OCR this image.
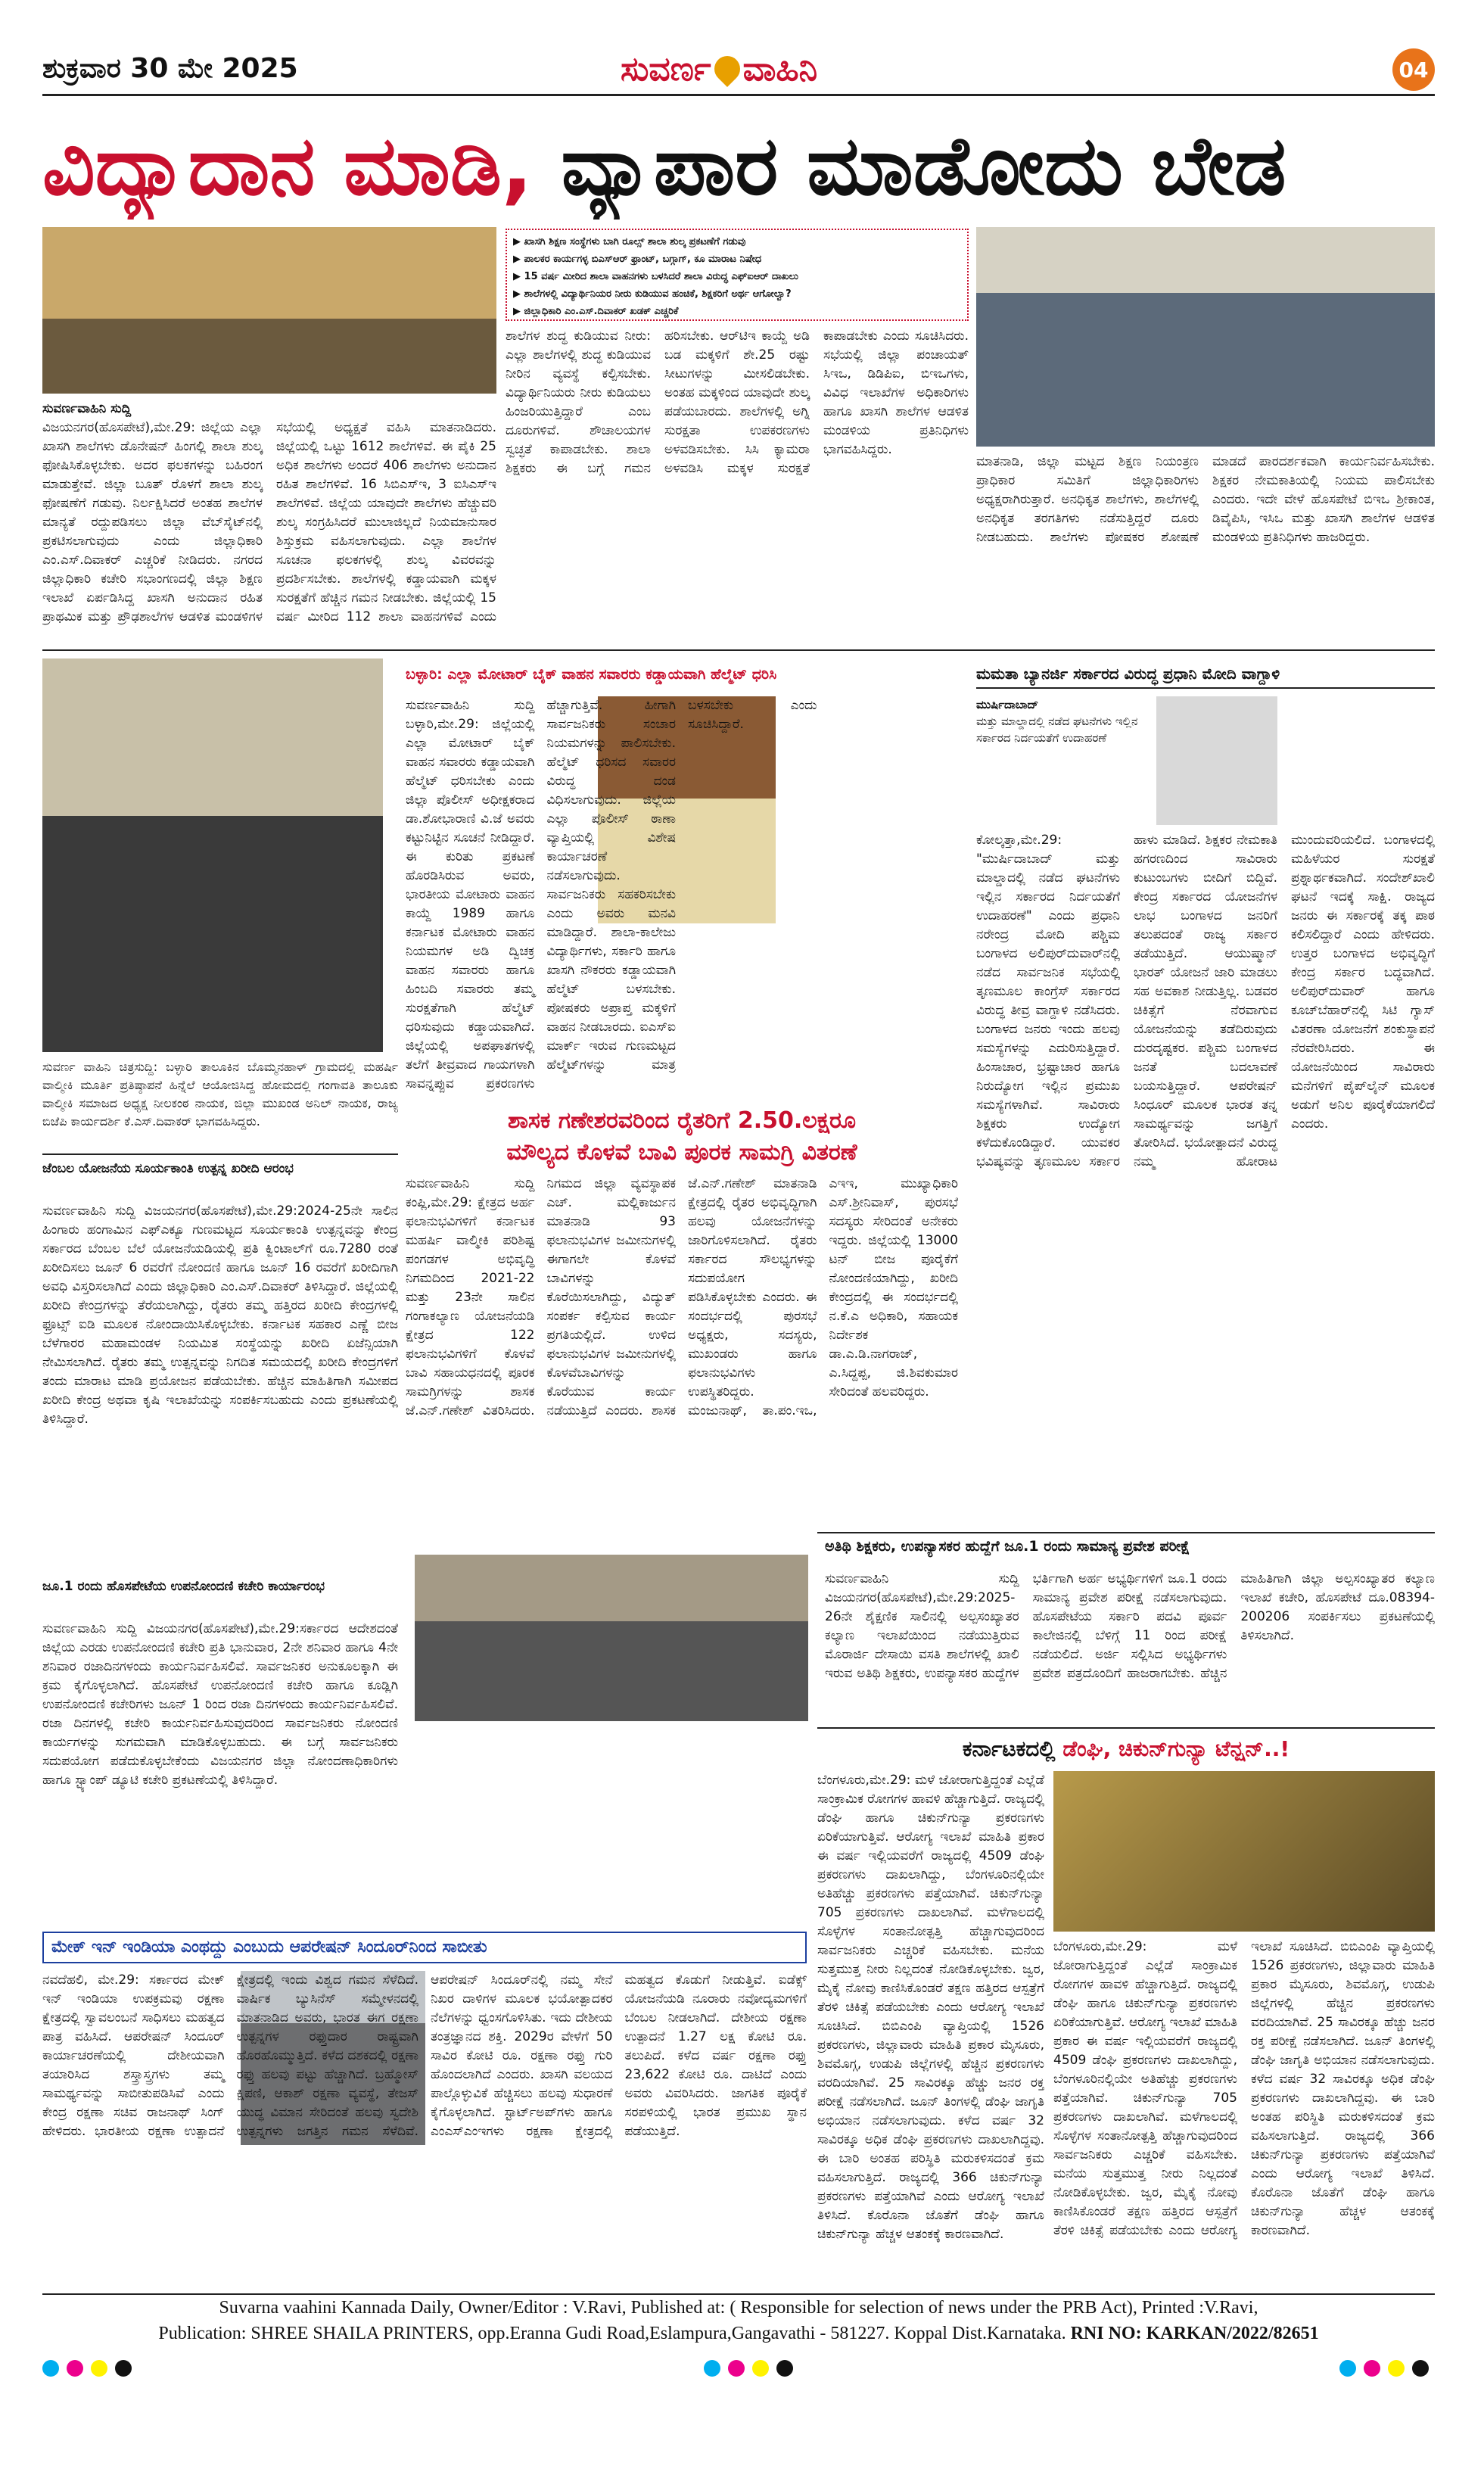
ಶುಕ್ರವಾರ 30 ಮೇ 2025	ಸುವರ್ಣ ವಾಹಿನಿ	04
ವಿದ್ಯಾದಾನ ಮಾಡಿ, ವ್ಯಾಪಾರ ಮಾಡೋದು ಬೇಡ
▶ ಖಾಸಗಿ ಶಿಕ್ಷಣ ಸಂಸ್ಥೆಗಳು ಬಾಗಿ ರೂಲ್ಸ್ ಶಾಲಾ ಶುಲ್ಕ ಪ್ರಕಟಣೆಗೆ ಗಡುವು
▶ ಪಾಲಕರ ಕಾರ್ಯಗಳ್ಳ ಬಿಎಸ್ಆರ್ ಫ್ರಾಂಟ್, ಬಗ್ಗಾಗ್, ಕೂ ಮಾರಾಟ ನಿಷೇಧ
▶ 15 ವರ್ಷ ಮೀರಿದ ಶಾಲಾ ವಾಹನಗಳು ಬಳಸಿದರೆ ಶಾಲಾ ವಿರುದ್ಧ ಎಫ್‌ಐಆರ್ ದಾಖಲು
▶ ಶಾಲೆಗಳಲ್ಲಿ ವಿದ್ಯಾರ್ಥಿನಿಯರ ನೀರು ಕುಡಿಯುವ ಹಂಚಿಕೆ, ಶಿಕ್ಷಕರಿಗೆ ಅರ್ಥ ಆಗೋಲ್ವಾ?
▶ ಜಿಲ್ಲಾಧಿಕಾರಿ ಎಂ.ಎಸ್.ದಿವಾಕರ್ ಖಡಕ್ ಎಚ್ಚರಿಕೆ
ಸುವರ್ಣವಾಹಿನಿ ಸುದ್ದಿ
ವಿಜಯನಗರ(ಹೊಸಪೇಟೆ),ಮೇ.29: ಜಿಲ್ಲೆಯ ಎಲ್ಲಾ ಖಾಸಗಿ ಶಾಲೆಗಳು ಡೊನೇಷನ್ ಹಿಂಗಲ್ಲಿ ಶಾಲಾ ಶುಲ್ಕ ಫೋಷಿಸಿಕೊಳ್ಳಬೇಕು. ಅದರ ಫಲಕಗಳನ್ನು ಬಹಿರಂಗ ಮಾಡುತ್ತೇವೆ. ಜಿಲ್ಲಾ ಬೂತ್ ರೊಳಗೆ ಶಾಲಾ ಶುಲ್ಕ ಫೋಷಣೆಗೆ ಗಡುವು. ನಿರ್ಲಕ್ಷಿಸಿದರೆ ಅಂತಹ ಶಾಲೆಗಳ ಮಾನ್ಯತೆ ರದ್ದುಪಡಿಸಲು ಜಿಲ್ಲಾ ವೆಬ್‌ಸೈಟ್‌ನಲ್ಲಿ ಪ್ರಕಟಿಸಲಾಗುವುದು ಎಂದು ಜಿಲ್ಲಾಧಿಕಾರಿ ಎಂ.ಎಸ್.ದಿವಾಕರ್ ಎಚ್ಚರಿಕೆ ನೀಡಿದರು. ನಗರದ ಜಿಲ್ಲಾಧಿಕಾರಿ ಕಚೇರಿ ಸಭಾಂಗಣದಲ್ಲಿ ಜಿಲ್ಲಾ ಶಿಕ್ಷಣ ಇಲಾಖೆ ಏರ್ಪಡಿಸಿದ್ದ ಖಾಸಗಿ ಅನುದಾನ ರಹಿತ ಪ್ರಾಥಮಿಕ ಮತ್ತು ಪ್ರೌಢಶಾಲೆಗಳ ಆಡಳಿತ ಮಂಡಳಿಗಳ ಸಭೆಯಲ್ಲಿ ಅಧ್ಯಕ್ಷತೆ ವಹಿಸಿ ಮಾತನಾಡಿದರು. ಜಿಲ್ಲೆಯಲ್ಲಿ ಒಟ್ಟು 1612 ಶಾಲೆಗಳಿವೆ. ಈ ಪೈಕಿ 25 ಅಧಿಕ ಶಾಲೆಗಳು ಅಂದರೆ 406 ಶಾಲೆಗಳು ಅನುದಾನ ರಹಿತ ಶಾಲೆಗಳಿವೆ. 16 ಸಿಬಿಎಸ್‌ಇ, 3 ಐಸಿಎಸ್‌ಇ ಶಾಲೆಗಳಿವೆ. ಜಿಲ್ಲೆಯ ಯಾವುದೇ ಶಾಲೆಗಳು ಹೆಚ್ಚುವರಿ ಶುಲ್ಕ ಸಂಗ್ರಹಿಸಿದರೆ ಮುಲಾಜಿಲ್ಲದೆ ನಿಯಮಾನುಸಾರ ಶಿಸ್ತುಕ್ರಮ ವಹಿಸಲಾಗುವುದು. ಎಲ್ಲಾ ಶಾಲೆಗಳ ಸೂಚನಾ ಫಲಕಗಳಲ್ಲಿ ಶುಲ್ಕ ವಿವರವನ್ನು ಪ್ರದರ್ಶಿಸಬೇಕು. ಶಾಲೆಗಳಲ್ಲಿ ಕಡ್ಡಾಯವಾಗಿ ಮಕ್ಕಳ ಸುರಕ್ಷತೆಗೆ ಹೆಚ್ಚಿನ ಗಮನ ನೀಡಬೇಕು. ಜಿಲ್ಲೆಯಲ್ಲಿ 15 ವರ್ಷ ಮೀರಿದ 112 ಶಾಲಾ ವಾಹನಗಳಿವೆ ಎಂದು
ಶಾಲೆಗಳ ಶುದ್ಧ ಕುಡಿಯುವ ನೀರು: ಎಲ್ಲಾ ಶಾಲೆಗಳಲ್ಲಿ ಶುದ್ಧ ಕುಡಿಯುವ ನೀರಿನ ವ್ಯವಸ್ಥೆ ಕಲ್ಪಿಸಬೇಕು. ವಿದ್ಯಾರ್ಥಿನಿಯರು ನೀರು ಕುಡಿಯಲು ಹಿಂಜರಿಯುತ್ತಿದ್ದಾರೆ ಎಂಬ ದೂರುಗಳಿವೆ. ಶೌಚಾಲಯಗಳ ಸ್ವಚ್ಛತೆ ಕಾಪಾಡಬೇಕು. ಶಾಲಾ ಶಿಕ್ಷಕರು ಈ ಬಗ್ಗೆ ಗಮನ ಹರಿಸಬೇಕು. ಆರ್‌ಟಿಇ ಕಾಯ್ದೆ ಅಡಿ ಬಡ ಮಕ್ಕಳಿಗೆ ಶೇ.25 ರಷ್ಟು ಸೀಟುಗಳನ್ನು ಮೀಸಲಿಡಬೇಕು. ಅಂತಹ ಮಕ್ಕಳಿಂದ ಯಾವುದೇ ಶುಲ್ಕ ಪಡೆಯಬಾರದು. ಶಾಲೆಗಳಲ್ಲಿ ಅಗ್ನಿ ಸುರಕ್ಷತಾ ಉಪಕರಣಗಳು ಅಳವಡಿಸಬೇಕು. ಸಿಸಿ ಕ್ಯಾಮರಾ ಅಳವಡಿಸಿ ಮಕ್ಕಳ ಸುರಕ್ಷತೆ ಕಾಪಾಡಬೇಕು ಎಂದು ಸೂಚಿಸಿದರು. ಸಭೆಯಲ್ಲಿ ಜಿಲ್ಲಾ ಪಂಚಾಯತ್ ಸಿಇಒ, ಡಿಡಿಪಿಐ, ಬಿಇಒಗಳು, ವಿವಿಧ ಇಲಾಖೆಗಳ ಅಧಿಕಾರಿಗಳು ಹಾಗೂ ಖಾಸಗಿ ಶಾಲೆಗಳ ಆಡಳಿತ ಮಂಡಳಿಯ ಪ್ರತಿನಿಧಿಗಳು ಭಾಗವಹಿಸಿದ್ದರು.
ಮಾತನಾಡಿ, ಜಿಲ್ಲಾ ಮಟ್ಟದ ಶಿಕ್ಷಣ ನಿಯಂತ್ರಣ ಪ್ರಾಧಿಕಾರ ಸಮಿತಿಗೆ ಜಿಲ್ಲಾಧಿಕಾರಿಗಳು ಅಧ್ಯಕ್ಷರಾಗಿರುತ್ತಾರೆ. ಅನಧಿಕೃತ ಶಾಲೆಗಳು, ಶಾಲೆಗಳಲ್ಲಿ ಅನಧಿಕೃತ ತರಗತಿಗಳು ನಡೆಸುತ್ತಿದ್ದರೆ ದೂರು ನೀಡಬಹುದು. ಶಾಲೆಗಳು ಪೋಷಕರ ಶೋಷಣೆ ಮಾಡದೆ ಪಾರದರ್ಶಕವಾಗಿ ಕಾರ್ಯನಿರ್ವಹಿಸಬೇಕು. ಶಿಕ್ಷಕರ ನೇಮಕಾತಿಯಲ್ಲಿ ನಿಯಮ ಪಾಲಿಸಬೇಕು ಎಂದರು. ಇದೇ ವೇಳೆ ಹೊಸಪೇಟೆ ಬಿಇಒ ಶ್ರೀಕಾಂತ, ಡಿವೈಪಿಸಿ, ಇಸಿಒ ಮತ್ತು ಖಾಸಗಿ ಶಾಲೆಗಳ ಆಡಳಿತ ಮಂಡಳಿಯ ಪ್ರತಿನಿಧಿಗಳು ಹಾಜರಿದ್ದರು.
ಸುವರ್ಣ ವಾಹಿನಿ ಚಿತ್ರಸುದ್ದಿ: ಬಳ್ಳಾರಿ ತಾಲೂಕಿನ ಬೊಮ್ಮನಹಾಳ್ ಗ್ರಾಮದಲ್ಲಿ ಮಹರ್ಷಿ ವಾಲ್ಮೀಕಿ ಮೂರ್ತಿ ಪ್ರತಿಷ್ಠಾಪನೆ ಹಿನ್ನೆಲೆ ಆಯೋಜಿಸಿದ್ದ ಹೋಮದಲ್ಲಿ ಗಂಗಾವತಿ ತಾಲೂಕು ವಾಲ್ಮೀಕಿ ಸಮಾಜದ ಅಧ್ಯಕ್ಷ ನೀಲಕಂಠ ನಾಯಕ, ಜಿಲ್ಲಾ ಮುಖಂಡ ಅನಿಲ್ ನಾಯಕ, ರಾಜ್ಯ ಬಿಜೆಪಿ ಕಾರ್ಯದರ್ಶಿ ಕೆ.ಎಸ್.ದಿವಾಕರ್ ಭಾಗವಹಿಸಿದ್ದರು.
ಜೆಂಬಲ ಯೋಜನೆಯ ಸೂರ್ಯಕಾಂತಿ ಉತ್ಪನ್ನ ಖರೀದಿ ಆರಂಭ
ಸುವರ್ಣವಾಹಿನಿ ಸುದ್ದಿ ವಿಜಯನಗರ(ಹೊಸಪೇಟೆ),ಮೇ.29:2024-25ನೇ ಸಾಲಿನ ಹಿಂಗಾರು ಹಂಗಾಮಿನ ಎಫ್‌ಎಕ್ಯೂ ಗುಣಮಟ್ಟದ ಸೂರ್ಯಕಾಂತಿ ಉತ್ಪನ್ನವನ್ನು ಕೇಂದ್ರ ಸರ್ಕಾರದ ಬೆಂಬಲ ಬೆಲೆ ಯೋಜನೆಯಡಿಯಲ್ಲಿ ಪ್ರತಿ ಕ್ವಿಂಟಾಲ್‌ಗೆ ರೂ.7280 ರಂತೆ ಖರೀದಿಸಲು ಜೂನ್ 6 ರವರೆಗೆ ನೋಂದಣಿ ಹಾಗೂ ಜೂನ್ 16 ರವರೆಗೆ ಖರೀದಿಗಾಗಿ ಅವಧಿ ವಿಸ್ತರಿಸಲಾಗಿದೆ ಎಂದು ಜಿಲ್ಲಾಧಿಕಾರಿ ಎಂ.ಎಸ್.ದಿವಾಕರ್ ತಿಳಿಸಿದ್ದಾರೆ. ಜಿಲ್ಲೆಯಲ್ಲಿ ಖರೀದಿ ಕೇಂದ್ರಗಳನ್ನು ತೆರೆಯಲಾಗಿದ್ದು, ರೈತರು ತಮ್ಮ ಹತ್ತಿರದ ಖರೀದಿ ಕೇಂದ್ರಗಳಲ್ಲಿ ಫ್ರೂಟ್ಸ್ ಐಡಿ ಮೂಲಕ ನೋಂದಾಯಿಸಿಕೊಳ್ಳಬೇಕು. ಕರ್ನಾಟಕ ಸಹಕಾರ ಎಣ್ಣೆ ಬೀಜ ಬೆಳೆಗಾರರ ಮಹಾಮಂಡಳ ನಿಯಮಿತ ಸಂಸ್ಥೆಯನ್ನು ಖರೀದಿ ಏಜೆನ್ಸಿಯಾಗಿ ನೇಮಿಸಲಾಗಿದೆ. ರೈತರು ತಮ್ಮ ಉತ್ಪನ್ನವನ್ನು ನಿಗದಿತ ಸಮಯದಲ್ಲಿ ಖರೀದಿ ಕೇಂದ್ರಗಳಿಗೆ ತಂದು ಮಾರಾಟ ಮಾಡಿ ಪ್ರಯೋಜನ ಪಡೆಯಬೇಕು. ಹೆಚ್ಚಿನ ಮಾಹಿತಿಗಾಗಿ ಸಮೀಪದ ಖರೀದಿ ಕೇಂದ್ರ ಅಥವಾ ಕೃಷಿ ಇಲಾಖೆಯನ್ನು ಸಂಪರ್ಕಿಸಬಹುದು ಎಂದು ಪ್ರಕಟಣೆಯಲ್ಲಿ ತಿಳಿಸಿದ್ದಾರೆ.
ಜೂ.1 ರಂದು ಹೊಸಪೇಟೆಯ ಉಪನೋಂದಣಿ ಕಚೇರಿ ಕಾರ್ಯಾರಂಭ
ಸುವರ್ಣವಾಹಿನಿ ಸುದ್ದಿ ವಿಜಯನಗರ(ಹೊಸಪೇಟೆ),ಮೇ.29:ಸರ್ಕಾರದ ಆದೇಶದಂತೆ ಜಿಲ್ಲೆಯ ಎರಡು ಉಪನೋಂದಣಿ ಕಚೇರಿ ಪ್ರತಿ ಭಾನುವಾರ, 2ನೇ ಶನಿವಾರ ಹಾಗೂ 4ನೇ ಶನಿವಾರ ರಜಾದಿನಗಳಂದು ಕಾರ್ಯನಿರ್ವಹಿಸಲಿವೆ. ಸಾರ್ವಜನಿಕರ ಅನುಕೂಲಕ್ಕಾಗಿ ಈ ಕ್ರಮ ಕೈಗೊಳ್ಳಲಾಗಿದೆ. ಹೊಸಪೇಟೆ ಉಪನೋಂದಣಿ ಕಚೇರಿ ಹಾಗೂ ಕೂಡ್ಲಿಗಿ ಉಪನೋಂದಣಿ ಕಚೇರಿಗಳು ಜೂನ್ 1 ರಿಂದ ರಜಾ ದಿನಗಳಂದು ಕಾರ್ಯನಿರ್ವಹಿಸಲಿವೆ. ರಜಾ ದಿನಗಳಲ್ಲಿ ಕಚೇರಿ ಕಾರ್ಯನಿರ್ವಹಿಸುವುದರಿಂದ ಸಾರ್ವಜನಿಕರು ನೋಂದಣಿ ಕಾರ್ಯಗಳನ್ನು ಸುಗಮವಾಗಿ ಮಾಡಿಕೊಳ್ಳಬಹುದು. ಈ ಬಗ್ಗೆ ಸಾರ್ವಜನಿಕರು ಸದುಪಯೋಗ ಪಡೆದುಕೊಳ್ಳಬೇಕೆಂದು ವಿಜಯನಗರ ಜಿಲ್ಲಾ ನೋಂದಣಾಧಿಕಾರಿಗಳು ಹಾಗೂ ಸ್ಟ್ಯಾಂಪ್ ಡ್ಯೂಟಿ ಕಚೇರಿ ಪ್ರಕಟಣೆಯಲ್ಲಿ ತಿಳಿಸಿದ್ದಾರೆ.
ಬಳ್ಳಾರಿ: ಎಲ್ಲಾ ಮೋಟಾರ್ ಬೈಕ್ ವಾಹನ ಸವಾರರು ಕಡ್ಡಾಯವಾಗಿ ಹೆಲ್ಮೆಟ್ ಧರಿಸಿ
ಸುವರ್ಣವಾಹಿನಿ ಸುದ್ದಿ ಬಳ್ಳಾರಿ,ಮೇ.29: ಜಿಲ್ಲೆಯಲ್ಲಿ ಎಲ್ಲಾ ಮೋಟಾರ್ ಬೈಕ್ ವಾಹನ ಸವಾರರು ಕಡ್ಡಾಯವಾಗಿ ಹೆಲ್ಮೆಟ್ ಧರಿಸಬೇಕು ಎಂದು ಜಿಲ್ಲಾ ಪೊಲೀಸ್ ಅಧೀಕ್ಷಕರಾದ ಡಾ.ಶೋಭಾರಾಣಿ ವಿ.ಜೆ ಅವರು ಕಟ್ಟುನಿಟ್ಟಿನ ಸೂಚನೆ ನೀಡಿದ್ದಾರೆ. ಈ ಕುರಿತು ಪ್ರಕಟಣೆ ಹೊರಡಿಸಿರುವ ಅವರು, ಭಾರತೀಯ ಮೋಟಾರು ವಾಹನ ಕಾಯ್ದೆ 1989 ಹಾಗೂ ಕರ್ನಾಟಕ ಮೋಟಾರು ವಾಹನ ನಿಯಮಗಳ ಅಡಿ ದ್ವಿಚಕ್ರ ವಾಹನ ಸವಾರರು ಹಾಗೂ ಹಿಂಬದಿ ಸವಾರರು ತಮ್ಮ ಸುರಕ್ಷತೆಗಾಗಿ ಹೆಲ್ಮೆಟ್ ಧರಿಸುವುದು ಕಡ್ಡಾಯವಾಗಿದೆ. ಜಿಲ್ಲೆಯಲ್ಲಿ ಅಪಘಾತಗಳಲ್ಲಿ ತಲೆಗೆ ತೀವ್ರವಾದ ಗಾಯಗಳಾಗಿ ಸಾವನ್ನಪ್ಪುವ ಪ್ರಕರಣಗಳು ಹೆಚ್ಚಾಗುತ್ತಿವೆ. ಹೀಗಾಗಿ ಸಾರ್ವಜನಿಕರು ಸಂಚಾರ ನಿಯಮಗಳನ್ನು ಪಾಲಿಸಬೇಕು. ಹೆಲ್ಮೆಟ್ ಧರಿಸದ ಸವಾರರ ವಿರುದ್ಧ ದಂಡ ವಿಧಿಸಲಾಗುವುದು. ಜಿಲ್ಲೆಯ ಎಲ್ಲಾ ಪೊಲೀಸ್ ಠಾಣಾ ವ್ಯಾಪ್ತಿಯಲ್ಲಿ ವಿಶೇಷ ಕಾರ್ಯಾಚರಣೆ ನಡೆಸಲಾಗುವುದು. ಸಾರ್ವಜನಿಕರು ಸಹಕರಿಸಬೇಕು ಎಂದು ಅವರು ಮನವಿ ಮಾಡಿದ್ದಾರೆ. ಶಾಲಾ-ಕಾಲೇಜು ವಿದ್ಯಾರ್ಥಿಗಳು, ಸರ್ಕಾರಿ ಹಾಗೂ ಖಾಸಗಿ ನೌಕರರು ಕಡ್ಡಾಯವಾಗಿ ಹೆಲ್ಮೆಟ್ ಬಳಸಬೇಕು. ಪೋಷಕರು ಅಪ್ರಾಪ್ತ ಮಕ್ಕಳಿಗೆ ವಾಹನ ನೀಡಬಾರದು. ಐಎಸ್‌ಐ ಮಾರ್ಕ್ ಇರುವ ಗುಣಮಟ್ಟದ ಹೆಲ್ಮೆಟ್‌ಗಳನ್ನು ಮಾತ್ರ ಬಳಸಬೇಕು ಎಂದು ಸೂಚಿಸಿದ್ದಾರೆ.
ಮಮತಾ ಬ್ಯಾನರ್ಜಿ ಸರ್ಕಾರದ ವಿರುದ್ಧ ಪ್ರಧಾನಿ ಮೋದಿ ವಾಗ್ದಾಳಿ
ಮುರ್ಷಿದಾಬಾದ್
ಮತ್ತು ಮಾಲ್ಡಾದಲ್ಲಿ ನಡೆದ ಘಟನೆಗಳು ಇಲ್ಲಿನ ಸರ್ಕಾರದ ನಿರ್ದಯತೆಗೆ ಉದಾಹರಣೆ
ಕೋಲ್ಕತ್ತಾ,ಮೇ.29: "ಮುರ್ಷಿದಾಬಾದ್ ಮತ್ತು ಮಾಲ್ಡಾದಲ್ಲಿ ನಡೆದ ಘಟನೆಗಳು ಇಲ್ಲಿನ ಸರ್ಕಾರದ ನಿರ್ದಯತೆಗೆ ಉದಾಹರಣೆ" ಎಂದು ಪ್ರಧಾನಿ ನರೇಂದ್ರ ಮೋದಿ ಪಶ್ಚಿಮ ಬಂಗಾಳದ ಅಲಿಪುರ್‌ದುವಾರ್‌ನಲ್ಲಿ ನಡೆದ ಸಾರ್ವಜನಿಕ ಸಭೆಯಲ್ಲಿ ತೃಣಮೂಲ ಕಾಂಗ್ರೆಸ್ ಸರ್ಕಾರದ ವಿರುದ್ಧ ತೀವ್ರ ವಾಗ್ದಾಳಿ ನಡೆಸಿದರು. ಬಂಗಾಳದ ಜನರು ಇಂದು ಹಲವು ಸಮಸ್ಯೆಗಳನ್ನು ಎದುರಿಸುತ್ತಿದ್ದಾರೆ. ಹಿಂಸಾಚಾರ, ಭ್ರಷ್ಟಾಚಾರ ಹಾಗೂ ನಿರುದ್ಯೋಗ ಇಲ್ಲಿನ ಪ್ರಮುಖ ಸಮಸ್ಯೆಗಳಾಗಿವೆ. ಸಾವಿರಾರು ಶಿಕ್ಷಕರು ಉದ್ಯೋಗ ಕಳೆದುಕೊಂಡಿದ್ದಾರೆ. ಯುವಕರ ಭವಿಷ್ಯವನ್ನು ತೃಣಮೂಲ ಸರ್ಕಾರ ಹಾಳು ಮಾಡಿದೆ. ಶಿಕ್ಷಕರ ನೇಮಕಾತಿ ಹಗರಣದಿಂದ ಸಾವಿರಾರು ಕುಟುಂಬಗಳು ಬೀದಿಗೆ ಬಿದ್ದಿವೆ. ಕೇಂದ್ರ ಸರ್ಕಾರದ ಯೋಜನೆಗಳ ಲಾಭ ಬಂಗಾಳದ ಜನರಿಗೆ ತಲುಪದಂತೆ ರಾಜ್ಯ ಸರ್ಕಾರ ತಡೆಯುತ್ತಿದೆ. ಆಯುಷ್ಮಾನ್ ಭಾರತ್ ಯೋಜನೆ ಜಾರಿ ಮಾಡಲು ಸಹ ಅವಕಾಶ ನೀಡುತ್ತಿಲ್ಲ. ಬಡವರ ಚಿಕಿತ್ಸೆಗೆ ನೆರವಾಗುವ ಯೋಜನೆಯನ್ನು ತಡೆದಿರುವುದು ದುರದೃಷ್ಟಕರ. ಪಶ್ಚಿಮ ಬಂಗಾಳದ ಜನತೆ ಬದಲಾವಣೆ ಬಯಸುತ್ತಿದ್ದಾರೆ. ಆಪರೇಷನ್ ಸಿಂಧೂರ್ ಮೂಲಕ ಭಾರತ ತನ್ನ ಸಾಮರ್ಥ್ಯವನ್ನು ಜಗತ್ತಿಗೆ ತೋರಿಸಿದೆ. ಭಯೋತ್ಪಾದನೆ ವಿರುದ್ಧ ನಮ್ಮ ಹೋರಾಟ ಮುಂದುವರಿಯಲಿದೆ. ಬಂಗಾಳದಲ್ಲಿ ಮಹಿಳೆಯರ ಸುರಕ್ಷತೆ ಪ್ರಶ್ನಾರ್ಥಕವಾಗಿದೆ. ಸಂದೇಶ್‌ಖಾಲಿ ಘಟನೆ ಇದಕ್ಕೆ ಸಾಕ್ಷಿ. ರಾಜ್ಯದ ಜನರು ಈ ಸರ್ಕಾರಕ್ಕೆ ತಕ್ಕ ಪಾಠ ಕಲಿಸಲಿದ್ದಾರೆ ಎಂದು ಹೇಳಿದರು. ಉತ್ತರ ಬಂಗಾಳದ ಅಭಿವೃದ್ಧಿಗೆ ಕೇಂದ್ರ ಸರ್ಕಾರ ಬದ್ಧವಾಗಿದೆ. ಅಲಿಪುರ್‌ದುವಾರ್ ಹಾಗೂ ಕೂಚ್‌ಬೆಹಾರ್‌ನಲ್ಲಿ ಸಿಟಿ ಗ್ಯಾಸ್ ವಿತರಣಾ ಯೋಜನೆಗೆ ಶಂಕುಸ್ಥಾಪನೆ ನೆರವೇರಿಸಿದರು. ಈ ಯೋಜನೆಯಿಂದ ಸಾವಿರಾರು ಮನೆಗಳಿಗೆ ಪೈಪ್‌ಲೈನ್ ಮೂಲಕ ಅಡುಗೆ ಅನಿಲ ಪೂರೈಕೆಯಾಗಲಿದೆ ಎಂದರು.
ಶಾಸಕ ಗಣೇಶರವರಿಂದ ರೈತರಿಗೆ 2.50.ಲಕ್ಷರೂ
ಮೌಲ್ಯದ ಕೊಳವೆ ಬಾವಿ ಪೂರಕ ಸಾಮಗ್ರಿ ವಿತರಣೆ
ಸುವರ್ಣವಾಹಿನಿ ಸುದ್ದಿ ಕಂಪ್ಲಿ,ಮೇ.29: ಕ್ಷೇತ್ರದ ಅರ್ಹ ಫಲಾನುಭವಿಗಳಿಗೆ ಕರ್ನಾಟಕ ಮಹರ್ಷಿ ವಾಲ್ಮೀಕಿ ಪರಿಶಿಷ್ಟ ಪಂಗಡಗಳ ಅಭಿವೃದ್ಧಿ ನಿಗಮದಿಂದ 2021-22 ಮತ್ತು 23ನೇ ಸಾಲಿನ ಗಂಗಾಕಲ್ಯಾಣ ಯೋಜನೆಯಡಿ ಕ್ಷೇತ್ರದ 122 ಫಲಾನುಭವಿಗಳಿಗೆ ಕೊಳವೆ ಬಾವಿ ಸಹಾಯಧನದಲ್ಲಿ ಪೂರಕ ಸಾಮಗ್ರಿಗಳನ್ನು ಶಾಸಕ ಜೆ.ಎನ್.ಗಣೇಶ್ ವಿತರಿಸಿದರು. ನಿಗಮದ ಜಿಲ್ಲಾ ವ್ಯವಸ್ಥಾಪಕ ಎಚ್. ಮಲ್ಲಿಕಾರ್ಜುನ ಮಾತನಾಡಿ 93 ಫಲಾನುಭವಿಗಳ ಜಮೀನುಗಳಲ್ಲಿ ಈಗಾಗಲೇ ಕೊಳವೆ ಬಾವಿಗಳನ್ನು ಕೊರೆಯಿಸಲಾಗಿದ್ದು, ವಿದ್ಯುತ್ ಸಂಪರ್ಕ ಕಲ್ಪಿಸುವ ಕಾರ್ಯ ಪ್ರಗತಿಯಲ್ಲಿದೆ. ಉಳಿದ ಫಲಾನುಭವಿಗಳ ಜಮೀನುಗಳಲ್ಲಿ ಕೊಳವೆಬಾವಿಗಳನ್ನು ಕೊರೆಯುವ ಕಾರ್ಯ ನಡೆಯುತ್ತಿದೆ ಎಂದರು. ಶಾಸಕ ಜೆ.ಎನ್.ಗಣೇಶ್ ಮಾತನಾಡಿ ಕ್ಷೇತ್ರದಲ್ಲಿ ರೈತರ ಅಭಿವೃದ್ಧಿಗಾಗಿ ಹಲವು ಯೋಜನೆಗಳನ್ನು ಜಾರಿಗೊಳಿಸಲಾಗಿದೆ. ರೈತರು ಸರ್ಕಾರದ ಸೌಲಭ್ಯಗಳನ್ನು ಸದುಪಯೋಗ ಪಡಿಸಿಕೊಳ್ಳಬೇಕು ಎಂದರು. ಈ ಸಂದರ್ಭದಲ್ಲಿ ಪುರಸಭೆ ಅಧ್ಯಕ್ಷರು, ಸದಸ್ಯರು, ಮುಖಂಡರು ಹಾಗೂ ಫಲಾನುಭವಿಗಳು ಉಪಸ್ಥಿತರಿದ್ದರು. ಮಂಜುನಾಥ್, ತಾ.ಪಂ.ಇಒ, ಎಇಇ, ಮುಖ್ಯಾಧಿಕಾರಿ ಎಸ್.ಶ್ರೀನಿವಾಸ್, ಪುರಸಭೆ ಸದಸ್ಯರು ಸೇರಿದಂತೆ ಅನೇಕರು ಇದ್ದರು. ಜಿಲ್ಲೆಯಲ್ಲಿ 13000 ಟನ್ ಬೀಜ ಪೂರೈಕೆಗೆ ನೋಂದಣಿಯಾಗಿದ್ದು, ಖರೀದಿ ಕೇಂದ್ರದಲ್ಲಿ ಈ ಸಂದರ್ಭದಲ್ಲಿ ನ.ಕೆ.ಎ ಅಧಿಕಾರಿ, ಸಹಾಯಕ ನಿರ್ದೇಶಕ ಡಾ.ಎ.ಡಿ.ನಾಗರಾಜ್, ಎ.ಸಿದ್ದಪ್ಪ, ಜಿ.ಶಿವಕುಮಾರ ಸೇರಿದಂತೆ ಹಲವರಿದ್ದರು.
ಅತಿಥಿ ಶಿಕ್ಷಕರು, ಉಪನ್ಯಾಸಕರ ಹುದ್ದೆಗೆ ಜೂ.1 ರಂದು ಸಾಮಾನ್ಯ ಪ್ರವೇಶ ಪರೀಕ್ಷೆ
ಸುವರ್ಣವಾಹಿನಿ ಸುದ್ದಿ ವಿಜಯನಗರ(ಹೊಸಪೇಟೆ),ಮೇ.29:2025-26ನೇ ಶೈಕ್ಷಣಿಕ ಸಾಲಿನಲ್ಲಿ ಅಲ್ಪಸಂಖ್ಯಾತರ ಕಲ್ಯಾಣ ಇಲಾಖೆಯಿಂದ ನಡೆಯುತ್ತಿರುವ ಮೊರಾರ್ಜಿ ದೇಸಾಯಿ ವಸತಿ ಶಾಲೆಗಳಲ್ಲಿ ಖಾಲಿ ಇರುವ ಅತಿಥಿ ಶಿಕ್ಷಕರು, ಉಪನ್ಯಾಸಕರ ಹುದ್ದೆಗಳ ಭರ್ತಿಗಾಗಿ ಅರ್ಹ ಅಭ್ಯರ್ಥಿಗಳಿಗೆ ಜೂ.1 ರಂದು ಸಾಮಾನ್ಯ ಪ್ರವೇಶ ಪರೀಕ್ಷೆ ನಡೆಸಲಾಗುವುದು. ಹೊಸಪೇಟೆಯ ಸರ್ಕಾರಿ ಪದವಿ ಪೂರ್ವ ಕಾಲೇಜಿನಲ್ಲಿ ಬೆಳಿಗ್ಗೆ 11 ರಿಂದ ಪರೀಕ್ಷೆ ನಡೆಯಲಿದೆ. ಅರ್ಜಿ ಸಲ್ಲಿಸಿದ ಅಭ್ಯರ್ಥಿಗಳು ಪ್ರವೇಶ ಪತ್ರದೊಂದಿಗೆ ಹಾಜರಾಗಬೇಕು. ಹೆಚ್ಚಿನ ಮಾಹಿತಿಗಾಗಿ ಜಿಲ್ಲಾ ಅಲ್ಪಸಂಖ್ಯಾತರ ಕಲ್ಯಾಣ ಇಲಾಖೆ ಕಚೇರಿ, ಹೊಸಪೇಟೆ ದೂ.08394-200206 ಸಂಪರ್ಕಿಸಲು ಪ್ರಕಟಣೆಯಲ್ಲಿ ತಿಳಿಸಲಾಗಿದೆ.
ಕರ್ನಾಟಕದಲ್ಲಿ ಡೆಂಘಿ, ಚಿಕುನ್‌ಗುನ್ಯಾ ಟೆನ್ಷನ್..!
ಬೆಂಗಳೂರು,ಮೇ.29: ಮಳೆ ಜೋರಾಗುತ್ತಿದ್ದಂತೆ ಎಲ್ಲೆಡೆ ಸಾಂಕ್ರಾಮಿಕ ರೋಗಗಳ ಹಾವಳಿ ಹೆಚ್ಚಾಗುತ್ತಿದೆ. ರಾಜ್ಯದಲ್ಲಿ ಡೆಂಘಿ ಹಾಗೂ ಚಿಕುನ್‌ಗುನ್ಯಾ ಪ್ರಕರಣಗಳು ಏರಿಕೆಯಾಗುತ್ತಿವೆ. ಆರೋಗ್ಯ ಇಲಾಖೆ ಮಾಹಿತಿ ಪ್ರಕಾರ ಈ ವರ್ಷ ಇಲ್ಲಿಯವರೆಗೆ ರಾಜ್ಯದಲ್ಲಿ 4509 ಡೆಂಘಿ ಪ್ರಕರಣಗಳು ದಾಖಲಾಗಿದ್ದು, ಬೆಂಗಳೂರಿನಲ್ಲಿಯೇ ಅತಿಹೆಚ್ಚು ಪ್ರಕರಣಗಳು ಪತ್ತೆಯಾಗಿವೆ. ಚಿಕುನ್‌ಗುನ್ಯಾ 705 ಪ್ರಕರಣಗಳು ದಾಖಲಾಗಿವೆ. ಮಳೆಗಾಲದಲ್ಲಿ ಸೊಳ್ಳೆಗಳ ಸಂತಾನೋತ್ಪತ್ತಿ ಹೆಚ್ಚಾಗುವುದರಿಂದ ಸಾರ್ವಜನಿಕರು ಎಚ್ಚರಿಕೆ ವಹಿಸಬೇಕು. ಮನೆಯ ಸುತ್ತಮುತ್ತ ನೀರು ನಿಲ್ಲದಂತೆ ನೋಡಿಕೊಳ್ಳಬೇಕು. ಜ್ವರ, ಮೈಕೈ ನೋವು ಕಾಣಿಸಿಕೊಂಡರೆ ತಕ್ಷಣ ಹತ್ತಿರದ ಆಸ್ಪತ್ರೆಗೆ ತೆರಳಿ ಚಿಕಿತ್ಸೆ ಪಡೆಯಬೇಕು ಎಂದು ಆರೋಗ್ಯ ಇಲಾಖೆ ಸೂಚಿಸಿದೆ. ಬಿಬಿಎಂಪಿ ವ್ಯಾಪ್ತಿಯಲ್ಲಿ 1526 ಪ್ರಕರಣಗಳು, ಜಿಲ್ಲಾವಾರು ಮಾಹಿತಿ ಪ್ರಕಾರ ಮೈಸೂರು, ಶಿವಮೊಗ್ಗ, ಉಡುಪಿ ಜಿಲ್ಲೆಗಳಲ್ಲಿ ಹೆಚ್ಚಿನ ಪ್ರಕರಣಗಳು ವರದಿಯಾಗಿವೆ. 25 ಸಾವಿರಕ್ಕೂ ಹೆಚ್ಚು ಜನರ ರಕ್ತ ಪರೀಕ್ಷೆ ನಡೆಸಲಾಗಿದೆ. ಜೂನ್ ತಿಂಗಳಲ್ಲಿ ಡೆಂಘಿ ಜಾಗೃತಿ ಅಭಿಯಾನ ನಡೆಸಲಾಗುವುದು. ಕಳೆದ ವರ್ಷ 32 ಸಾವಿರಕ್ಕೂ ಅಧಿಕ ಡೆಂಘಿ ಪ್ರಕರಣಗಳು ದಾಖಲಾಗಿದ್ದವು. ಈ ಬಾರಿ ಅಂತಹ ಪರಿಸ್ಥಿತಿ ಮರುಕಳಿಸದಂತೆ ಕ್ರಮ ವಹಿಸಲಾಗುತ್ತಿದೆ. ರಾಜ್ಯದಲ್ಲಿ 366 ಚಿಕುನ್‌ಗುನ್ಯಾ ಪ್ರಕರಣಗಳು ಪತ್ತೆಯಾಗಿವೆ ಎಂದು ಆರೋಗ್ಯ ಇಲಾಖೆ ತಿಳಿಸಿದೆ. ಕೊರೊನಾ ಜೊತೆಗೆ ಡೆಂಘಿ ಹಾಗೂ ಚಿಕುನ್‌ಗುನ್ಯಾ ಹೆಚ್ಚಳ ಆತಂಕಕ್ಕೆ ಕಾರಣವಾಗಿದೆ.
ಬೆಂಗಳೂರು,ಮೇ.29: ಮಳೆ ಜೋರಾಗುತ್ತಿದ್ದಂತೆ ಎಲ್ಲೆಡೆ ಸಾಂಕ್ರಾಮಿಕ ರೋಗಗಳ ಹಾವಳಿ ಹೆಚ್ಚಾಗುತ್ತಿದೆ. ರಾಜ್ಯದಲ್ಲಿ ಡೆಂಘಿ ಹಾಗೂ ಚಿಕುನ್‌ಗುನ್ಯಾ ಪ್ರಕರಣಗಳು ಏರಿಕೆಯಾಗುತ್ತಿವೆ. ಆರೋಗ್ಯ ಇಲಾಖೆ ಮಾಹಿತಿ ಪ್ರಕಾರ ಈ ವರ್ಷ ಇಲ್ಲಿಯವರೆಗೆ ರಾಜ್ಯದಲ್ಲಿ 4509 ಡೆಂಘಿ ಪ್ರಕರಣಗಳು ದಾಖಲಾಗಿದ್ದು, ಬೆಂಗಳೂರಿನಲ್ಲಿಯೇ ಅತಿಹೆಚ್ಚು ಪ್ರಕರಣಗಳು ಪತ್ತೆಯಾಗಿವೆ. ಚಿಕುನ್‌ಗುನ್ಯಾ 705 ಪ್ರಕರಣಗಳು ದಾಖಲಾಗಿವೆ. ಮಳೆಗಾಲದಲ್ಲಿ ಸೊಳ್ಳೆಗಳ ಸಂತಾನೋತ್ಪತ್ತಿ ಹೆಚ್ಚಾಗುವುದರಿಂದ ಸಾರ್ವಜನಿಕರು ಎಚ್ಚರಿಕೆ ವಹಿಸಬೇಕು. ಮನೆಯ ಸುತ್ತಮುತ್ತ ನೀರು ನಿಲ್ಲದಂತೆ ನೋಡಿಕೊಳ್ಳಬೇಕು. ಜ್ವರ, ಮೈಕೈ ನೋವು ಕಾಣಿಸಿಕೊಂಡರೆ ತಕ್ಷಣ ಹತ್ತಿರದ ಆಸ್ಪತ್ರೆಗೆ ತೆರಳಿ ಚಿಕಿತ್ಸೆ ಪಡೆಯಬೇಕು ಎಂದು ಆರೋಗ್ಯ ಇಲಾಖೆ ಸೂಚಿಸಿದೆ. ಬಿಬಿಎಂಪಿ ವ್ಯಾಪ್ತಿಯಲ್ಲಿ 1526 ಪ್ರಕರಣಗಳು, ಜಿಲ್ಲಾವಾರು ಮಾಹಿತಿ ಪ್ರಕಾರ ಮೈಸೂರು, ಶಿವಮೊಗ್ಗ, ಉಡುಪಿ ಜಿಲ್ಲೆಗಳಲ್ಲಿ ಹೆಚ್ಚಿನ ಪ್ರಕರಣಗಳು ವರದಿಯಾಗಿವೆ. 25 ಸಾವಿರಕ್ಕೂ ಹೆಚ್ಚು ಜನರ ರಕ್ತ ಪರೀಕ್ಷೆ ನಡೆಸಲಾಗಿದೆ. ಜೂನ್ ತಿಂಗಳಲ್ಲಿ ಡೆಂಘಿ ಜಾಗೃತಿ ಅಭಿಯಾನ ನಡೆಸಲಾಗುವುದು. ಕಳೆದ ವರ್ಷ 32 ಸಾವಿರಕ್ಕೂ ಅಧಿಕ ಡೆಂಘಿ ಪ್ರಕರಣಗಳು ದಾಖಲಾಗಿದ್ದವು. ಈ ಬಾರಿ ಅಂತಹ ಪರಿಸ್ಥಿತಿ ಮರುಕಳಿಸದಂತೆ ಕ್ರಮ ವಹಿಸಲಾಗುತ್ತಿದೆ. ರಾಜ್ಯದಲ್ಲಿ 366 ಚಿಕುನ್‌ಗುನ್ಯಾ ಪ್ರಕರಣಗಳು ಪತ್ತೆಯಾಗಿವೆ ಎಂದು ಆರೋಗ್ಯ ಇಲಾಖೆ ತಿಳಿಸಿದೆ. ಕೊರೊನಾ ಜೊತೆಗೆ ಡೆಂಘಿ ಹಾಗೂ ಚಿಕುನ್‌ಗುನ್ಯಾ ಹೆಚ್ಚಳ ಆತಂಕಕ್ಕೆ ಕಾರಣವಾಗಿದೆ.
ಮೇಕ್ ಇನ್ ಇಂಡಿಯಾ ಎಂಥದ್ದು ಎಂಬುದು ಆಪರೇಷನ್ ಸಿಂದೂರ್‌ನಿಂದ ಸಾಬೀತು
ನವದೆಹಲಿ, ಮೇ.29: ಸರ್ಕಾರದ ಮೇಕ್ ಇನ್ ಇಂಡಿಯಾ ಉಪಕ್ರಮವು ರಕ್ಷಣಾ ಕ್ಷೇತ್ರದಲ್ಲಿ ಸ್ವಾವಲಂಬನೆ ಸಾಧಿಸಲು ಮಹತ್ವದ ಪಾತ್ರ ವಹಿಸಿದೆ. ಆಪರೇಷನ್ ಸಿಂದೂರ್ ಕಾರ್ಯಾಚರಣೆಯಲ್ಲಿ ದೇಶೀಯವಾಗಿ ತಯಾರಿಸಿದ ಶಸ್ತ್ರಾಸ್ತ್ರಗಳು ತಮ್ಮ ಸಾಮರ್ಥ್ಯವನ್ನು ಸಾಬೀತುಪಡಿಸಿವೆ ಎಂದು ಕೇಂದ್ರ ರಕ್ಷಣಾ ಸಚಿವ ರಾಜನಾಥ್ ಸಿಂಗ್ ಹೇಳಿದರು. ಭಾರತೀಯ ರಕ್ಷಣಾ ಉತ್ಪಾದನೆ ಕ್ಷೇತ್ರದಲ್ಲಿ ಇಂದು ವಿಶ್ವದ ಗಮನ ಸೆಳೆದಿದೆ. ವಾರ್ಷಿಕ ಬ್ಯುಸಿನೆಸ್ ಸಮ್ಮೇಳನದಲ್ಲಿ ಮಾತನಾಡಿದ ಅವರು, ಭಾರತ ಈಗ ರಕ್ಷಣಾ ಉತ್ಪನ್ನಗಳ ರಫ್ತುದಾರ ರಾಷ್ಟ್ರವಾಗಿ ಹೊರಹೊಮ್ಮುತ್ತಿದೆ. ಕಳೆದ ದಶಕದಲ್ಲಿ ರಕ್ಷಣಾ ರಫ್ತು ಹಲವು ಪಟ್ಟು ಹೆಚ್ಚಾಗಿದೆ. ಬ್ರಹ್ಮೋಸ್ ಕ್ಷಿಪಣಿ, ಆಕಾಶ್ ರಕ್ಷಣಾ ವ್ಯವಸ್ಥೆ, ತೇಜಸ್ ಯುದ್ಧ ವಿಮಾನ ಸೇರಿದಂತೆ ಹಲವು ಸ್ವದೇಶಿ ಉತ್ಪನ್ನಗಳು ಜಗತ್ತಿನ ಗಮನ ಸೆಳೆದಿವೆ. ಆಪರೇಷನ್ ಸಿಂದೂರ್‌ನಲ್ಲಿ ನಮ್ಮ ಸೇನೆ ನಿಖರ ದಾಳಿಗಳ ಮೂಲಕ ಭಯೋತ್ಪಾದಕರ ನೆಲೆಗಳನ್ನು ಧ್ವಂಸಗೊಳಿಸಿತು. ಇದು ದೇಶೀಯ ತಂತ್ರಜ್ಞಾನದ ಶಕ್ತಿ. 2029ರ ವೇಳೆಗೆ 50 ಸಾವಿರ ಕೋಟಿ ರೂ. ರಕ್ಷಣಾ ರಫ್ತು ಗುರಿ ಹೊಂದಲಾಗಿದೆ ಎಂದರು. ಖಾಸಗಿ ವಲಯದ ಪಾಲ್ಗೊಳ್ಳುವಿಕೆ ಹೆಚ್ಚಿಸಲು ಹಲವು ಸುಧಾರಣೆ ಕೈಗೊಳ್ಳಲಾಗಿದೆ. ಸ್ಟಾರ್ಟ್‌ಅಪ್‌ಗಳು ಹಾಗೂ ಎಂಎಸ್‌ಎಂಇಗಳು ರಕ್ಷಣಾ ಕ್ಷೇತ್ರದಲ್ಲಿ ಮಹತ್ವದ ಕೊಡುಗೆ ನೀಡುತ್ತಿವೆ. ಐಡೆಕ್ಸ್ ಯೋಜನೆಯಡಿ ನೂರಾರು ನವೋದ್ಯಮಗಳಿಗೆ ಬೆಂಬಲ ನೀಡಲಾಗಿದೆ. ದೇಶೀಯ ರಕ್ಷಣಾ ಉತ್ಪಾದನೆ 1.27 ಲಕ್ಷ ಕೋಟಿ ರೂ. ತಲುಪಿದೆ. ಕಳೆದ ವರ್ಷ ರಕ್ಷಣಾ ರಫ್ತು 23,622 ಕೋಟಿ ರೂ. ದಾಟಿದೆ ಎಂದು ಅವರು ವಿವರಿಸಿದರು. ಜಾಗತಿಕ ಪೂರೈಕೆ ಸರಪಳಿಯಲ್ಲಿ ಭಾರತ ಪ್ರಮುಖ ಸ್ಥಾನ ಪಡೆಯುತ್ತಿದೆ.
Suvarna vaahini Kannada Daily, Owner/Editor : V.Ravi, Published at: ( Responsible for selection of news under the PRB Act), Printed :V.Ravi,
Publication: SHREE SHAILA PRINTERS, opp.Eranna Gudi Road,Eslampura,Gangavathi - 581227. Koppal Dist.Karnataka. RNI NO: KARKAN/2022/82651
